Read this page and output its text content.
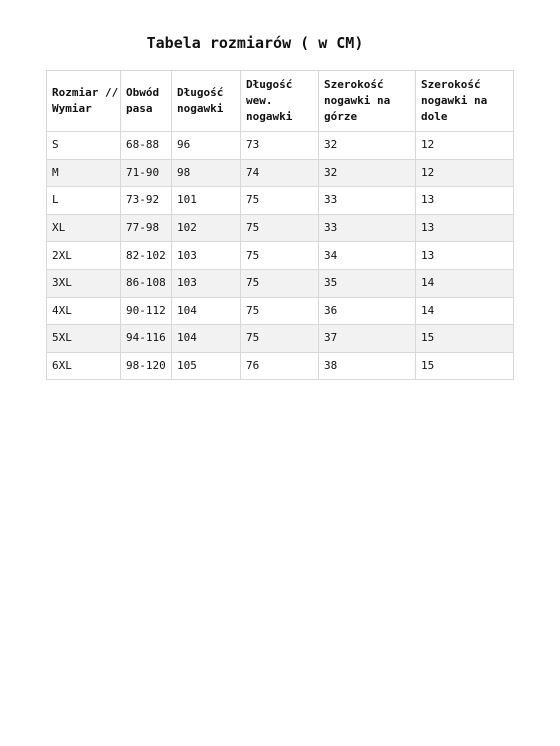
Tabela rozmiarów ( w CM)
Rozmiar // Wymiar	Obwód pasa	Długość nogawki	Długość wew. nogawki	Szerokość nogawki na górze	Szerokość nogawki na dole
S	68-88	96	73	32	12
M	71-90	98	74	32	12
L	73-92	101	75	33	13
XL	77-98	102	75	33	13
2XL	82-102	103	75	34	13
3XL	86-108	103	75	35	14
4XL	90-112	104	75	36	14
5XL	94-116	104	75	37	15
6XL	98-120	105	76	38	15
